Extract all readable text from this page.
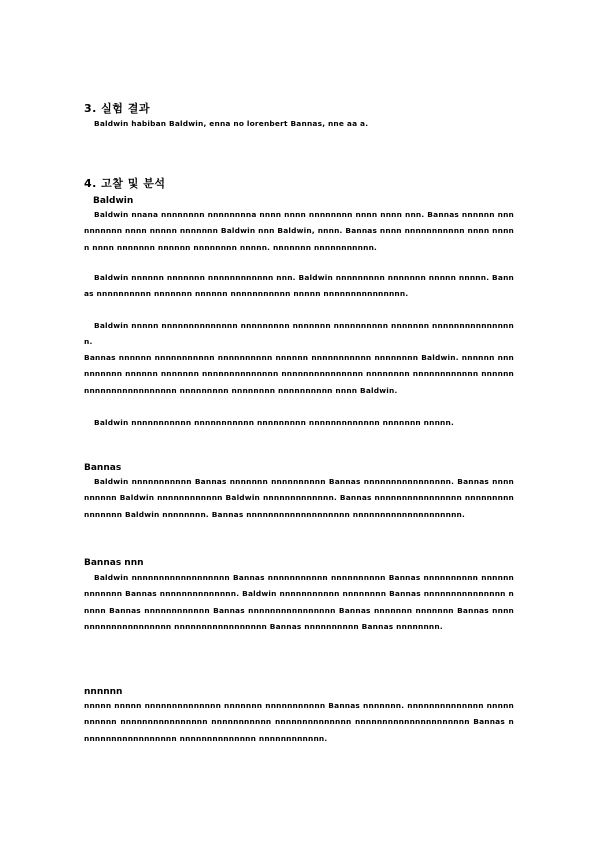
3. 실험 결과
Baldwin habiban Baldwin, enna no lorenbert Bannas, nne aa a.
4. 고찰 및 분석
Baldwin
Baldwin nnana nnnnnnnn nnnnnnnna nnnn nnnn nnnnnnnn nnnn nnnn nnn. Bannas nnnnnn nnnnnnnnnn nnnn nnnnn nnnnnnn Baldwin nnn Baldwin, nnnn. Bannas nnnn nnnnnnnnnnn nnnn nnnnn nnnn nnnnnnn nnnnnn nnnnnnnn nnnnn. nnnnnnn nnnnnnnnnnn.
Baldwin nnnnnn nnnnnnn nnnnnnnnnnnn nnn. Baldwin nnnnnnnnn nnnnnnn nnnnn nnnnn. Bannas nnnnnnnnnn nnnnnnn nnnnnn nnnnnnnnnnn nnnnn nnnnnnnnnnnnnnn.
Baldwin nnnnn nnnnnnnnnnnnnn nnnnnnnnn nnnnnnn nnnnnnnnnn nnnnnnn nnnnnnnnnnnnnnnn.
Bannas nnnnnn nnnnnnnnnnn nnnnnnnnnn nnnnnn nnnnnnnnnnn nnnnnnnn Baldwin. nnnnnn nnnnnnnnnn nnnnnn nnnnnnn nnnnnnnnnnnnnn nnnnnnnnnnnnnnn nnnnnnnn nnnnnnnnnnnn nnnnnnnnnnnnnnnnnnnnnnn nnnnnnnnn nnnnnnnn nnnnnnnnnn nnnn Baldwin.
Baldwin nnnnnnnnnnn nnnnnnnnnnn nnnnnnnnn nnnnnnnnnnnnn nnnnnnn nnnnn.
Bannas
Baldwin nnnnnnnnnnn Bannas nnnnnnn nnnnnnnnnn Bannas nnnnnnnnnnnnnnnn. Bannas nnnnnnnnnn Baldwin nnnnnnnnnnnn Baldwin nnnnnnnnnnnnn. Bannas nnnnnnnnnnnnnnnn nnnnnnnnnnnnnnnn Baldwin nnnnnnnn. Bannas nnnnnnnnnnnnnnnnnnn nnnnnnnnnnnnnnnnnnnn.
Bannas nnn
Baldwin nnnnnnnnnnnnnnnnnn Bannas nnnnnnnnnnn nnnnnnnnnn Bannas nnnnnnnnnn nnnnnnnnnnnnn Bannas nnnnnnnnnnnnnn. Baldwin nnnnnnnnnnn nnnnnnnn Bannas nnnnnnnnnnnnnnn nnnnn Bannas nnnnnnnnnnnn Bannas nnnnnnnnnnnnnnnn Bannas nnnnnnn nnnnnnn Bannas nnnnnnnnnnnnnnnnnnnn nnnnnnnnnnnnnnnnn Bannas nnnnnnnnnn Bannas nnnnnnnn.
nnnnnn
nnnnn nnnnn nnnnnnnnnnnnnn nnnnnnn nnnnnnnnnnn Bannas nnnnnnn. nnnnnnnnnnnnnn nnnnnnnnnnn nnnnnnnnnnnnnnnn nnnnnnnnnnn nnnnnnnnnnnnnn nnnnnnnnnnnnnnnnnnnnn Bannas nnnnnnnnnnnnnnnnnn nnnnnnnnnnnnnn nnnnnnnnnnnn.
